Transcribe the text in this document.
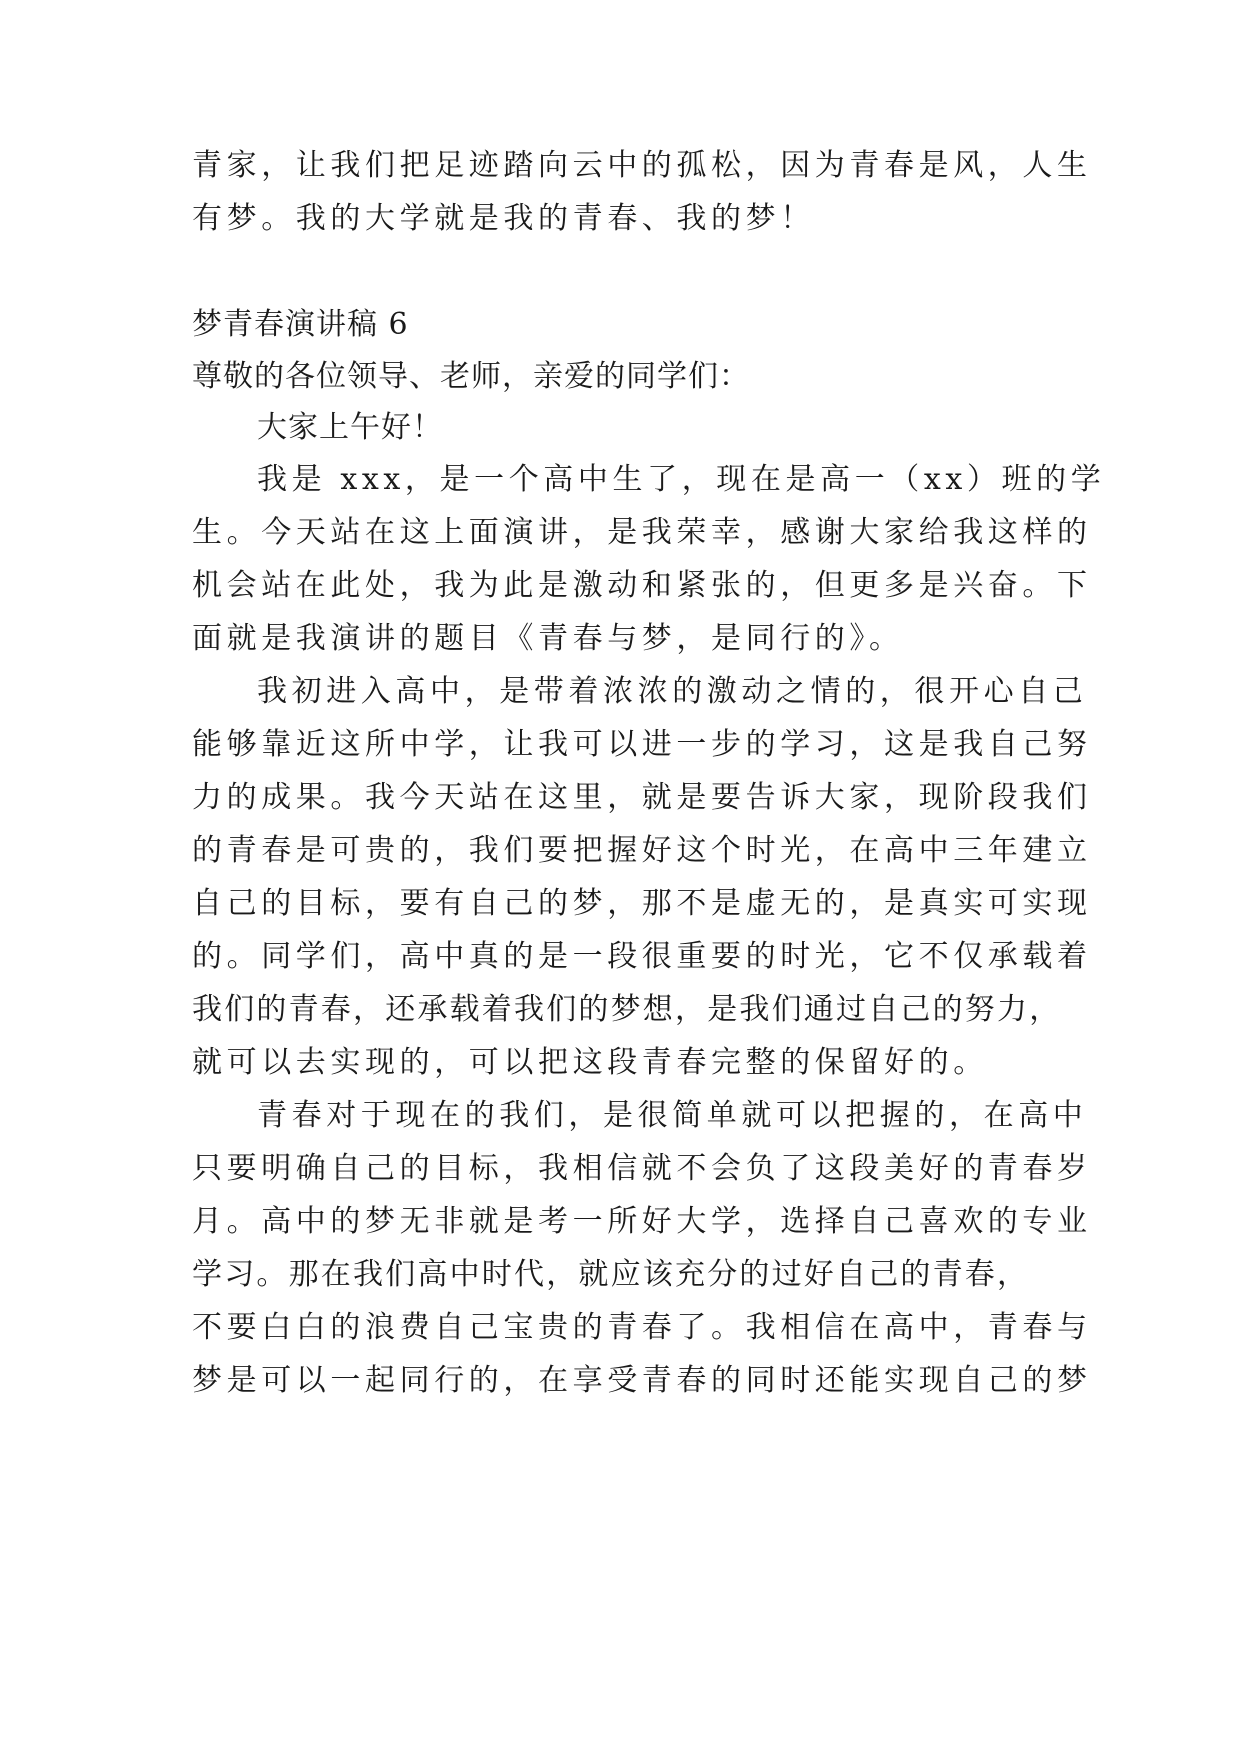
青家，让我们把足迹踏向云中的孤松，因为青春是风，人生
有梦。我的大学就是我的青春、我的梦！
梦青春演讲稿 6
尊敬的各位领导、老师，亲爱的同学们：
大家上午好！
我是 xxx，是一个高中生了，现在是高一（xx）班的学
生。今天站在这上面演讲，是我荣幸，感谢大家给我这样的
机会站在此处，我为此是激动和紧张的，但更多是兴奋。下
面就是我演讲的题目《青春与梦，是同行的》。
我初进入高中，是带着浓浓的激动之情的，很开心自己
能够靠近这所中学，让我可以进一步的学习，这是我自己努
力的成果。我今天站在这里，就是要告诉大家，现阶段我们
的青春是可贵的，我们要把握好这个时光，在高中三年建立
自己的目标，要有自己的梦，那不是虚无的，是真实可实现
的。同学们，高中真的是一段很重要的时光，它不仅承载着
我们的青春，还承载着我们的梦想，是我们通过自己的努力，
就可以去实现的，可以把这段青春完整的保留好的。
青春对于现在的我们，是很简单就可以把握的，在高中
只要明确自己的目标，我相信就不会负了这段美好的青春岁
月。高中的梦无非就是考一所好大学，选择自己喜欢的专业
学习。那在我们高中时代，就应该充分的过好自己的青春，
不要白白的浪费自己宝贵的青春了。我相信在高中，青春与
梦是可以一起同行的，在享受青春的同时还能实现自己的梦
